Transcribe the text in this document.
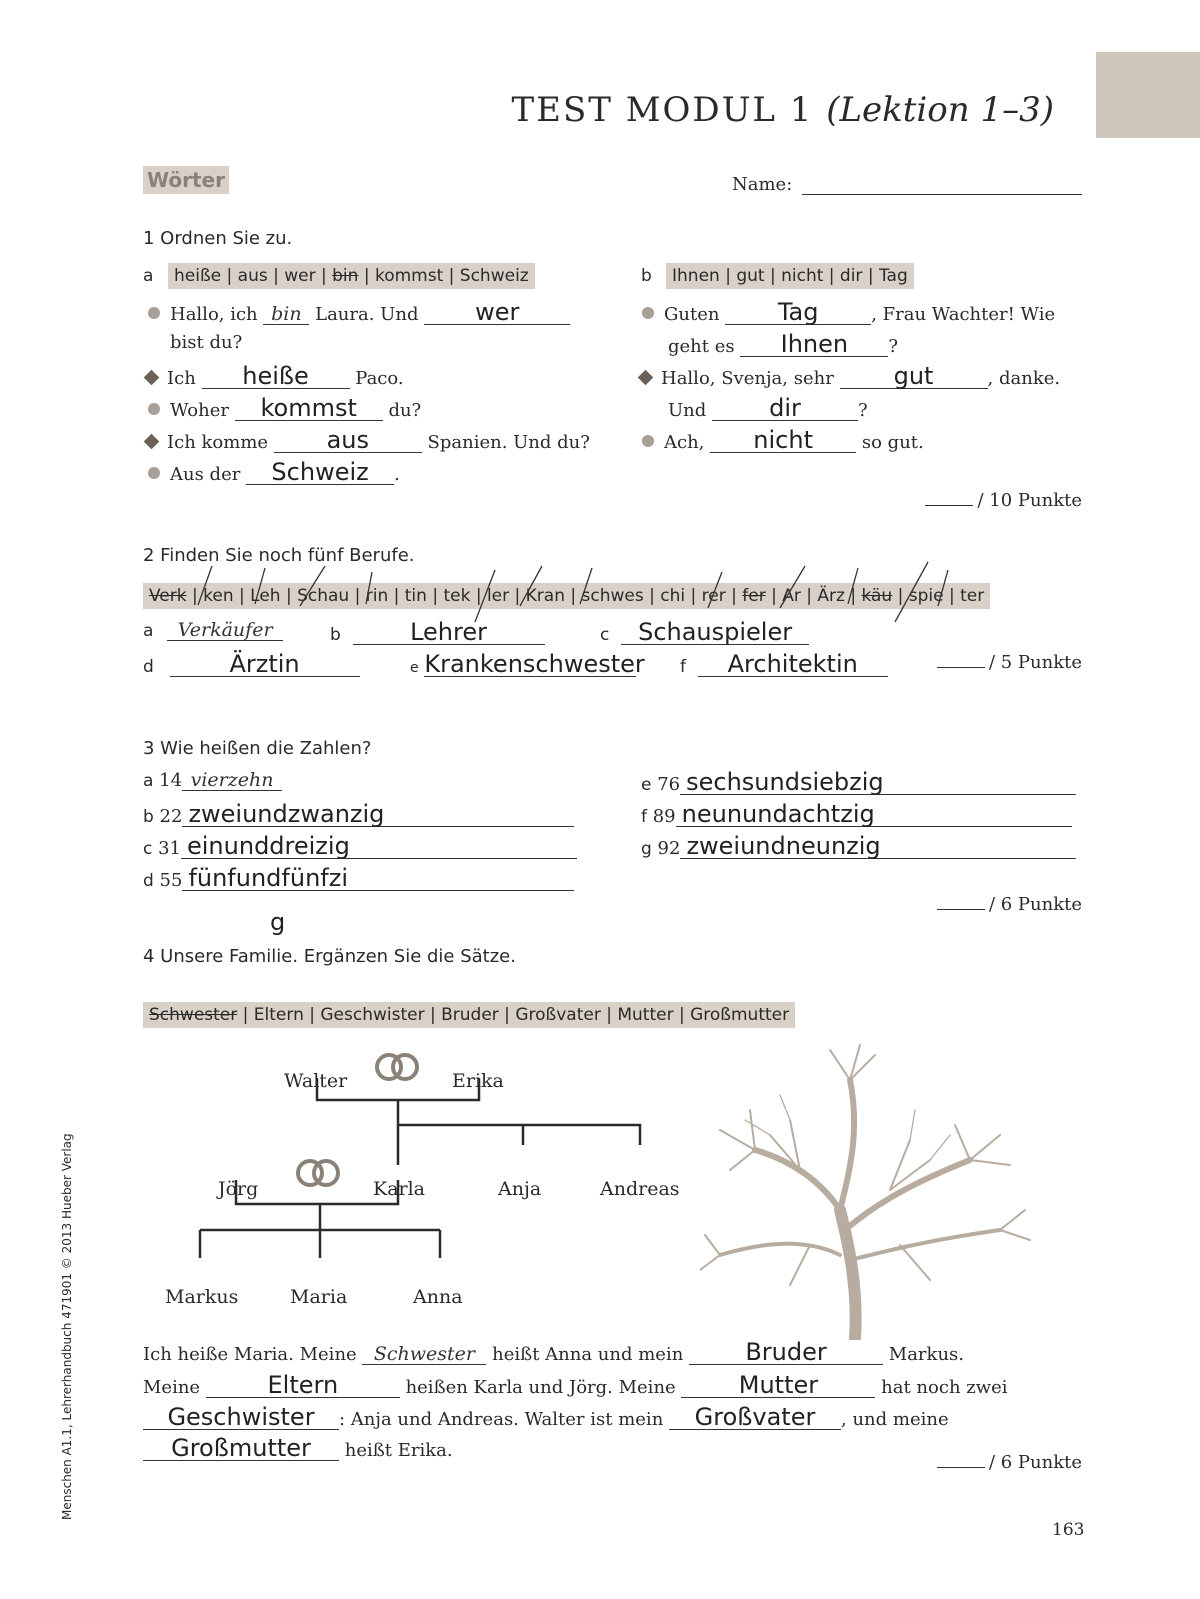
TEST MODUL 1 (Lektion 1–3)
Wörter	Name:
1 Ordnen Sie zu.
a	heiße | aus | wer | bin | kommst | Schweiz	b	Ihnen | gut | nicht | dir | Tag
Hallo, ich bin Laura. Und wer
bist du?
Ich heiße	Paco.
Woher kommst du?
Ich komme aus	Spanien. Und du?
Aus der Schweiz .
Guten Tag	, Frau Wachter! Wie
geht es Ihnen ?
Hallo, Svenja, sehr gut	, danke.
Und	dir	?
Ach, nicht	so gut.
/ 10 Punkte
2 Finden Sie noch fünf Berufe.
Verk | ken | Leh | Schau | rin | tin | tek | ler | Kran | schwes | chi | rer | fer | Ar | Ärz | käu | spie | ter
a Verkäufer	b	Lehrer	c Schauspieler
d	Ärztin	e Krankenschwester f Architektin	/ 5 Punkte
3 Wie heißen die Zahlen?
a 14 vierzehn
b 22 zweiundzwanzig
c 31 einunddreizig
d 55 fünfundfünfzi
g
e 76 sechsundsiebzig
f 89 neunundachtzig
g 92 zweiundneunzig
/ 6 Punkte
4 Unsere Familie. Ergänzen Sie die Sätze.
Schwester | Eltern | Geschwister | Bruder | Großvater | Mutter | Großmutter
Walter	Erika
Jörg	Karla	Anja	Andreas
Markus	Maria	Anna
Ich heiße Maria. Meine Schwester heißt Anna und mein	Bruder	Markus.
Meine	Eltern	heißen Karla und Jörg. Meine	Mutter	hat noch zwei
Geschwister : Anja und Andreas. Walter ist mein Großvater , und meine
Großmutter heißt Erika.
/ 6 Punkte
Menschen A1.1, Lehrerhandbuch 471901 © 2013 Hueber Verlag
163
